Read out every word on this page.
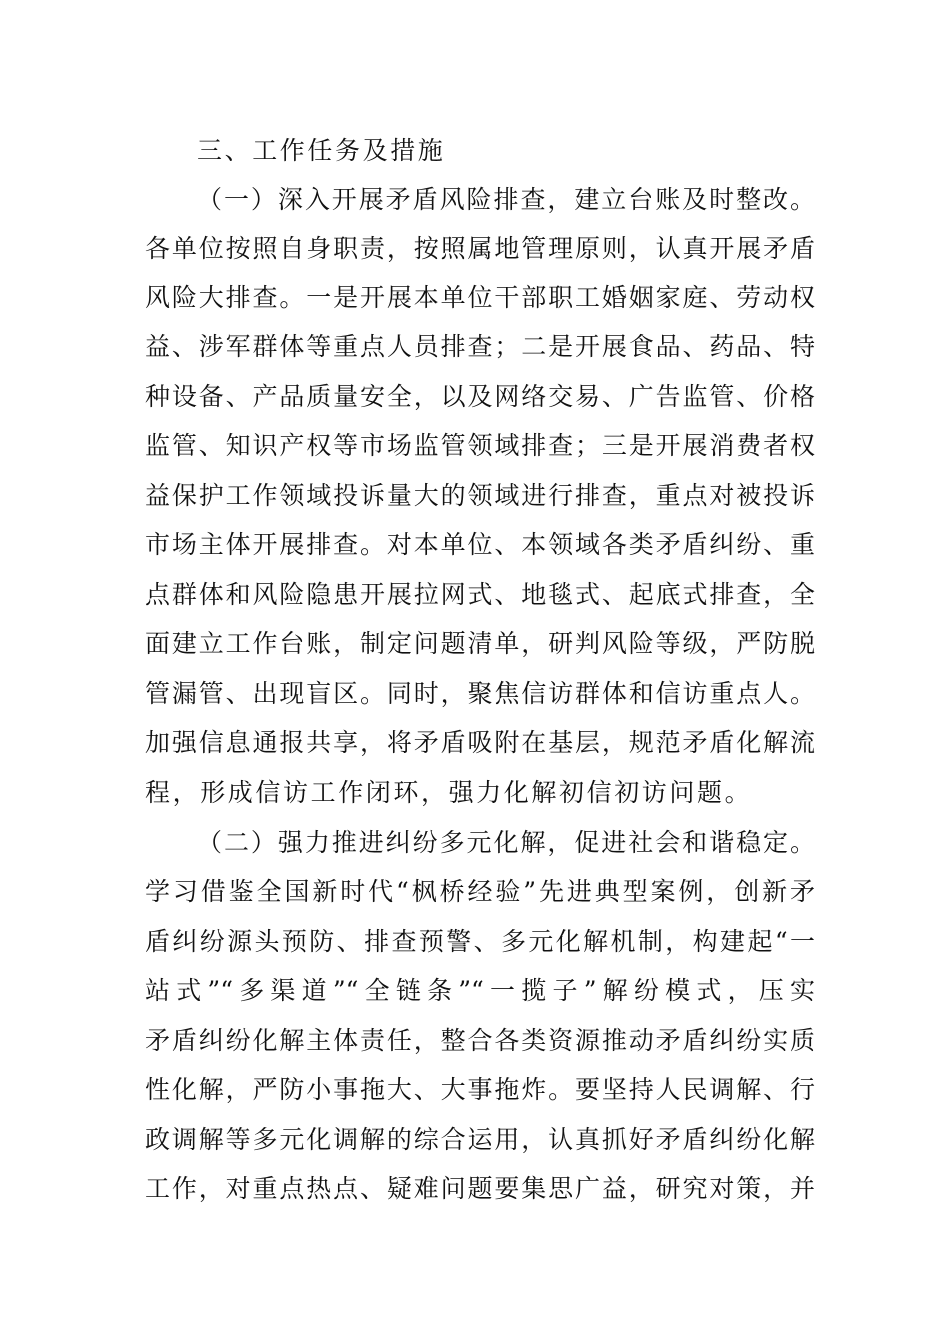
三、工作任务及措施
（一）深入开展矛盾风险排查，建立台账及时整改。
各单位按照自身职责，按照属地管理原则，认真开展矛盾
风险大排查。一是开展本单位干部职工婚姻家庭、劳动权
益、涉军群体等重点人员排查；二是开展食品、药品、特
种设备、产品质量安全，以及网络交易、广告监管、价格
监管、知识产权等市场监管领域排查；三是开展消费者权
益保护工作领域投诉量大的领域进行排查，重点对被投诉
市场主体开展排查。对本单位、本领域各类矛盾纠纷、重
点群体和风险隐患开展拉网式、地毯式、起底式排查，全
面建立工作台账，制定问题清单，研判风险等级，严防脱
管漏管、出现盲区。同时，聚焦信访群体和信访重点人。
加强信息通报共享，将矛盾吸附在基层，规范矛盾化解流
程，形成信访工作闭环，强力化解初信初访问题。
（二）强力推进纠纷多元化解，促进社会和谐稳定。
学习借鉴全国新时代“枫桥经验”先进典型案例，创新矛
盾纠纷源头预防、排查预警、多元化解机制，构建起“一
站式”“多渠道”“全链条”“一揽子”解纷模式，压实
矛盾纠纷化解主体责任，整合各类资源推动矛盾纠纷实质
性化解，严防小事拖大、大事拖炸。要坚持人民调解、行
政调解等多元化调解的综合运用，认真抓好矛盾纠纷化解
工作，对重点热点、疑难问题要集思广益，研究对策，并
